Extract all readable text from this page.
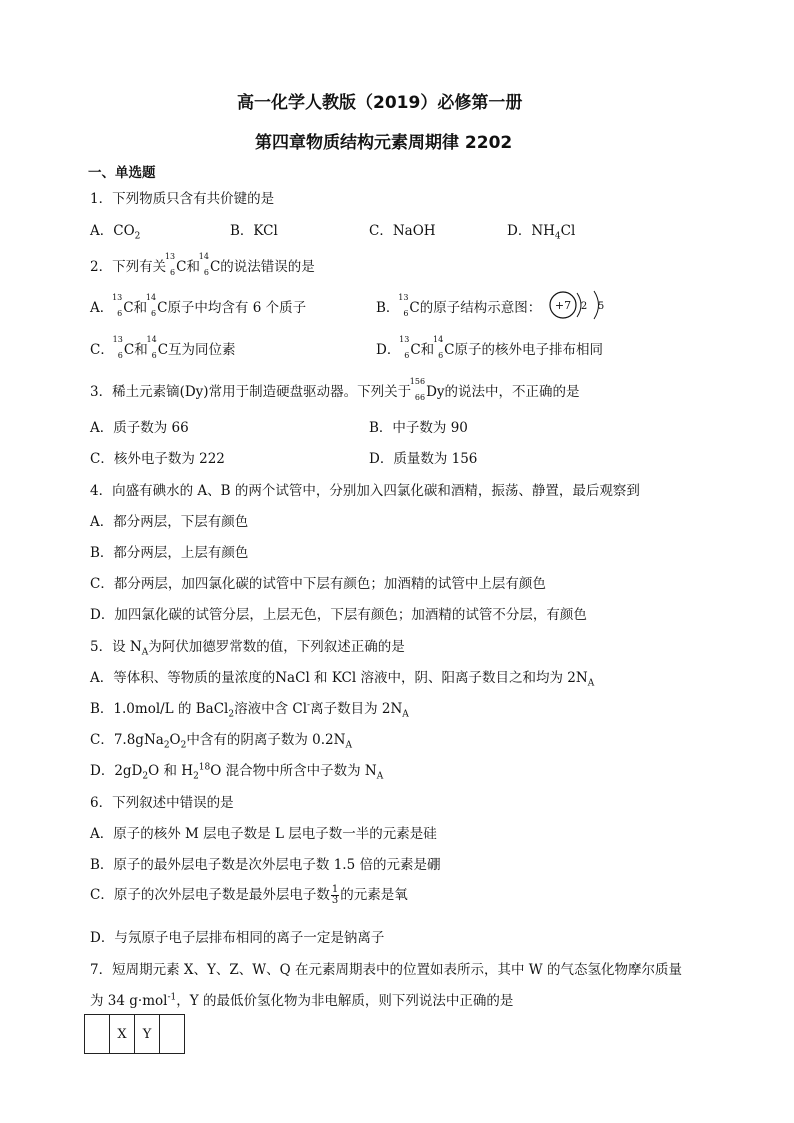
高一化学人教版（2019）必修第一册
第四章物质结构元素周期律 2202
一、单选题
1．下列物质只含有共价键的是
A．$CO_2$	B．KCl	C．NaOH	D．$NH_4Cl$
2．下列有关
13
6 C和
14
6 C的说法错误的是
A．
13
6 C和
14
6 C原子中均含有 6 个质子	B．
13
6 C的原子结构示意图： +7 2 5
C．
13
6 C和
14
6 C互为同位素	D．
13
6 C和
14
6 C原子的核外电子排布相同
3．稀土元素镝(Dy)常用于制造硬盘驱动器。下列关于
156
66 Dy的说法中，不正确的是
A．质子数为 66	B．中子数为 90
C．核外电子数为 222	D．质量数为 156
4．向盛有碘水的 A、B 的两个试管中，分别加入四氯化碳和酒精，振荡、静置，最后观察到
A．都分两层，下层有颜色
B．都分两层，上层有颜色
C．都分两层，加四氯化碳的试管中下层有颜色；加酒精的试管中上层有颜色
D．加四氯化碳的试管分层，上层无色，下层有颜色；加酒精的试管不分层，有颜色
5．设 $N_A$为阿伏加德罗常数的值，下列叙述正确的是
A．等体积、等物质的量浓度的NaCl 和 KCl 溶液中，阴、阳离子数目之和均为 $2N_A$
B．1.0mol/L 的 BaCl$_2$溶液中含 Cl-离子数目为 $2N_A$
C．$7.8gNa_2O_2$中含有的阴离子数为 $0.2N_A$
D．$2gD_2O$ 和 $H_2^{18}O$ 混合物中所含中子数为 $N_A$
6．下列叙述中错误的是
A．原子的核外 M 层电子数是 L 层电子数一半的元素是硅
B．原子的最外层电子数是次外层电子数 1.5 倍的元素是硼
C．原子的次外层电子数是最外层电子数 $\frac{1}{3}$ 的元素是氧
D．与氖原子电子层排布相同的离子一定是钠离子
7．短周期元素 X、Y、Z、W、Q 在元素周期表中的位置如表所示，其中 W 的气态氢化物摩尔质量
为 34 g·mol$^{-1}$，Y 的最低价氢化物为非电解质，则下列说法中正确的是
	X	Y	
